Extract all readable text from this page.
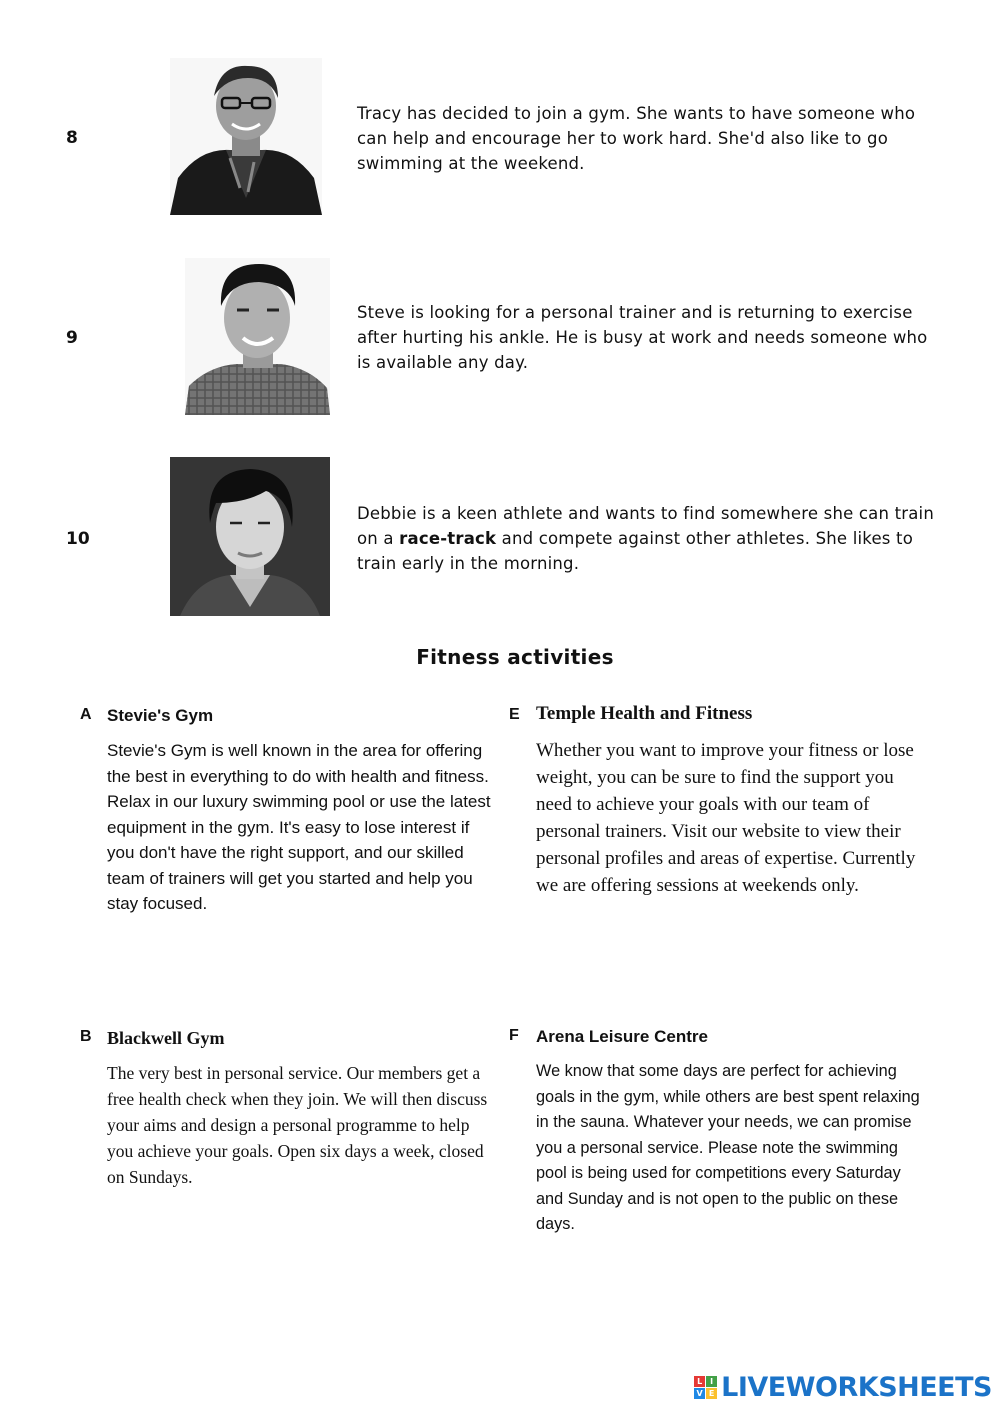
8
Tracy has decided to join a gym. She wants to have someone who can help and encourage her to work hard. She'd also like to go swimming at the weekend.
9
Steve is looking for a personal trainer and is returning to exercise after hurting his ankle. He is busy at work and needs someone who is available any day.
10
Debbie is a keen athlete and wants to find somewhere she can train on a race-track and compete against other athletes. She likes to train early in the morning.
Fitness activities
A Stevie's Gym
Stevie's Gym is well known in the area for offering the best in everything to do with health and fitness. Relax in our luxury swimming pool or use the latest equipment in the gym. It's easy to lose interest if you don't have the right support, and our skilled team of trainers will get you started and help you stay focused.
E Temple Health and Fitness
Whether you want to improve your fitness or lose weight, you can be sure to find the support you need to achieve your goals with our team of personal trainers. Visit our website to view their personal profiles and areas of expertise. Currently we are offering sessions at weekends only.
B Blackwell Gym
The very best in personal service. Our members get a free health check when they join. We will then discuss your aims and design a personal programme to help you achieve your goals. Open six days a week, closed on Sundays.
F Arena Leisure Centre
We know that some days are perfect for achieving goals in the gym, while others are best spent relaxing in the sauna. Whatever your needs, we can promise you a personal service. Please note the swimming pool is being used for competitions every Saturday and Sunday and is not open to the public on these days.
L I
V E LIVEWORKSHEETS
